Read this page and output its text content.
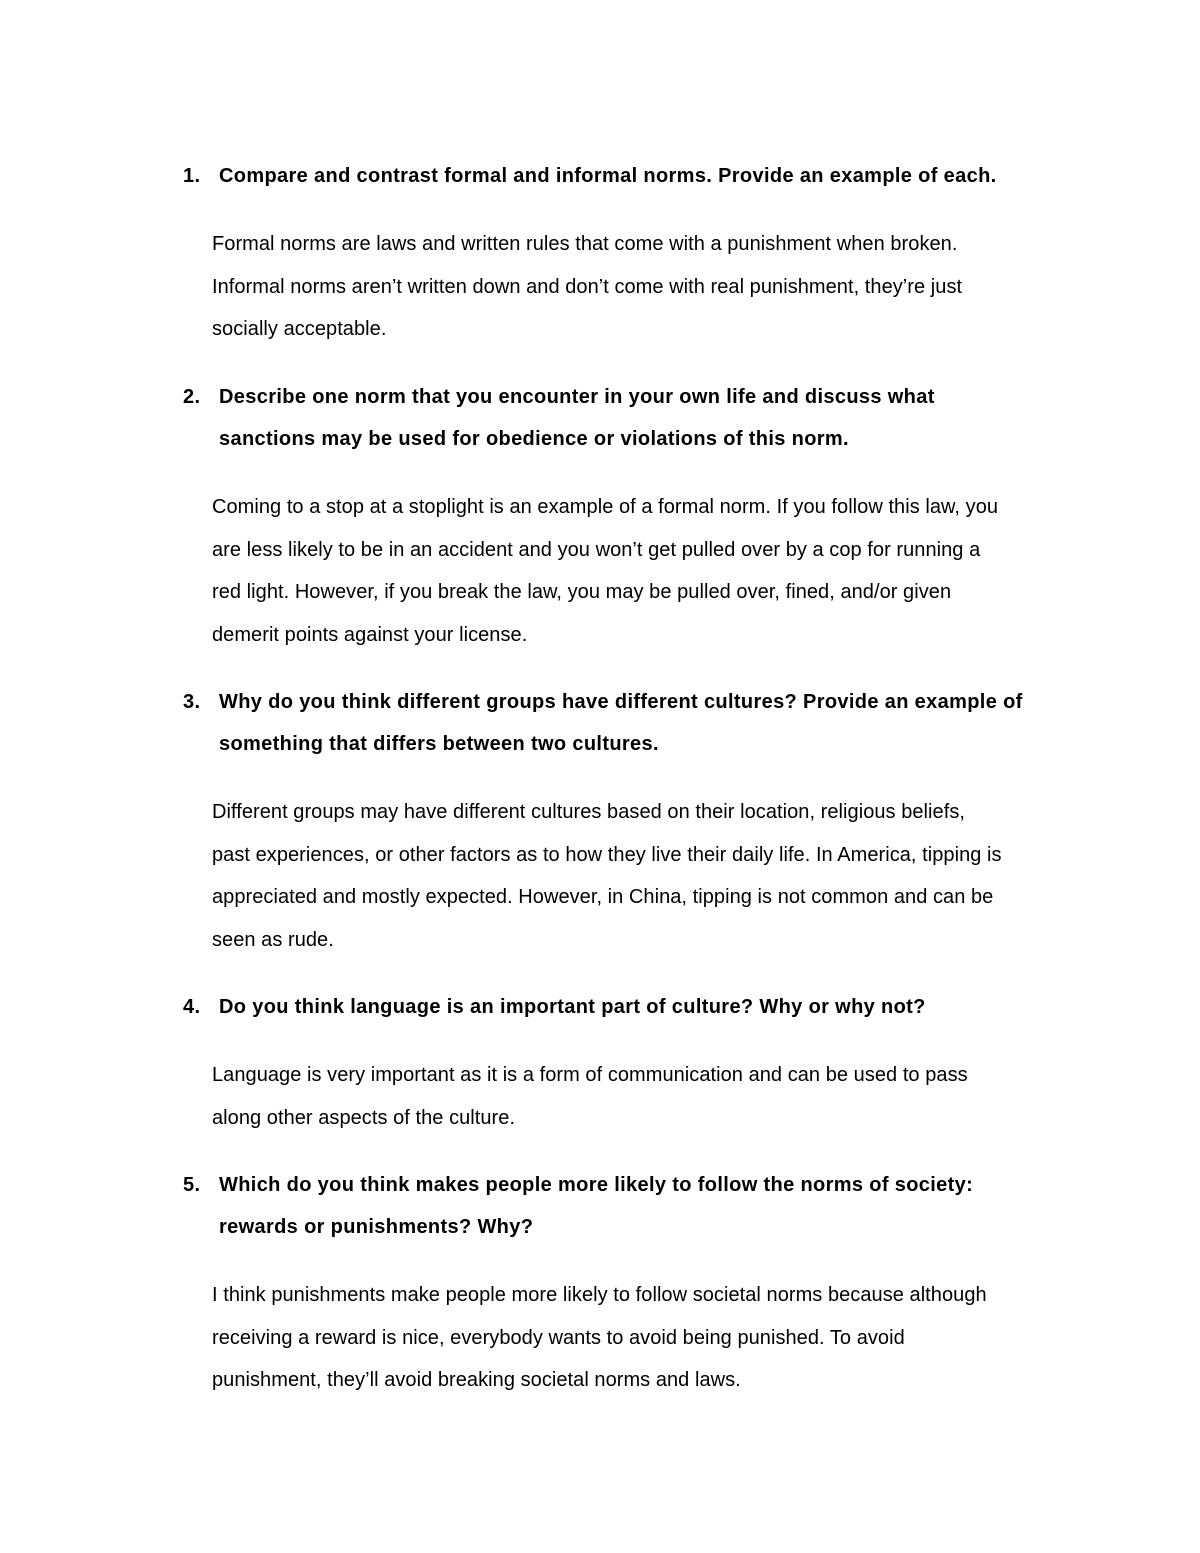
1. Compare and contrast formal and informal norms. Provide an example of each.
Formal norms are laws and written rules that come with a punishment when broken.
Informal norms aren’t written down and don’t come with real punishment, they’re just
socially acceptable.
2. Describe one norm that you encounter in your own life and discuss what
sanctions may be used for obedience or violations of this norm.
Coming to a stop at a stoplight is an example of a formal norm. If you follow this law, you
are less likely to be in an accident and you won’t get pulled over by a cop for running a
red light. However, if you break the law, you may be pulled over, fined, and/or given
demerit points against your license.
3. Why do you think different groups have different cultures? Provide an example of
something that differs between two cultures.
Different groups may have different cultures based on their location, religious beliefs,
past experiences, or other factors as to how they live their daily life. In America, tipping is
appreciated and mostly expected. However, in China, tipping is not common and can be
seen as rude.
4. Do you think language is an important part of culture? Why or why not?
Language is very important as it is a form of communication and can be used to pass
along other aspects of the culture.
5. Which do you think makes people more likely to follow the norms of society:
rewards or punishments? Why?
I think punishments make people more likely to follow societal norms because although
receiving a reward is nice, everybody wants to avoid being punished. To avoid
punishment, they’ll avoid breaking societal norms and laws.
